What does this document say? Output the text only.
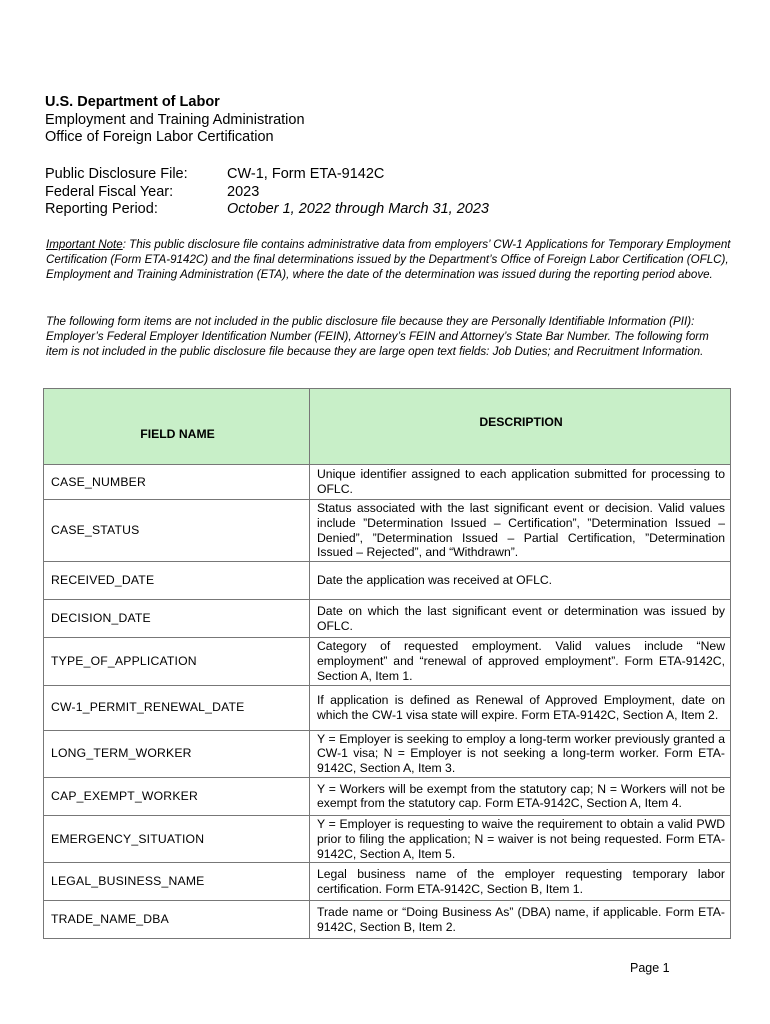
U.S. Department of Labor
Employment and Training Administration
Office of Foreign Labor Certification
Public Disclosure File:	CW-1, Form ETA-9142C
Federal Fiscal Year:	2023
Reporting Period:	October 1, 2022 through March 31, 2023
Important Note: This public disclosure file contains administrative data from employers’ CW-1 Applications for Temporary Employment Certification (Form ETA-9142C) and the final determinations issued by the Department’s Office of Foreign Labor Certification (OFLC), Employment and Training Administration (ETA), where the date of the determination was issued during the reporting period above.
The following form items are not included in the public disclosure file because they are Personally Identifiable Information (PII): Employer’s Federal Employer Identification Number (FEIN), Attorney’s FEIN and Attorney’s State Bar Number. The following form item is not included in the public disclosure file because they are large open text fields: Job Duties; and Recruitment Information.
FIELD NAME	DESCRIPTION
CASE_NUMBER	Unique identifier assigned to each application submitted for processing to OFLC.
CASE_STATUS	Status associated with the last significant event or decision. Valid values include ”Determination Issued – Certification”, ”Determination Issued – Denied”, ”Determination Issued – Partial Certification, ”Determination Issued – Rejected”, and “Withdrawn”.
RECEIVED_DATE	Date the application was received at OFLC.
DECISION_DATE	Date on which the last significant event or determination was issued by OFLC.
TYPE_OF_APPLICATION	Category of requested employment. Valid values include “New employment” and “renewal of approved employment”. Form ETA-9142C, Section A, Item 1.
CW-1_PERMIT_RENEWAL_DATE	If application is defined as Renewal of Approved Employment, date on which the CW-1 visa state will expire. Form ETA-9142C, Section A, Item 2.
LONG_TERM_WORKER	Y = Employer is seeking to employ a long-term worker previously granted a CW-1 visa; N = Employer is not seeking a long-term worker. Form ETA-9142C, Section A, Item 3.
CAP_EXEMPT_WORKER	Y = Workers will be exempt from the statutory cap; N = Workers will not be exempt from the statutory cap. Form ETA-9142C, Section A, Item 4.
EMERGENCY_SITUATION	Y = Employer is requesting to waive the requirement to obtain a valid PWD prior to filing the application; N = waiver is not being requested. Form ETA-9142C, Section A, Item 5.
LEGAL_BUSINESS_NAME	Legal business name of the employer requesting temporary labor certification. Form ETA-9142C, Section B, Item 1.
TRADE_NAME_DBA	Trade name or “Doing Business As” (DBA) name, if applicable. Form ETA-9142C, Section B, Item 2.
Page 1
